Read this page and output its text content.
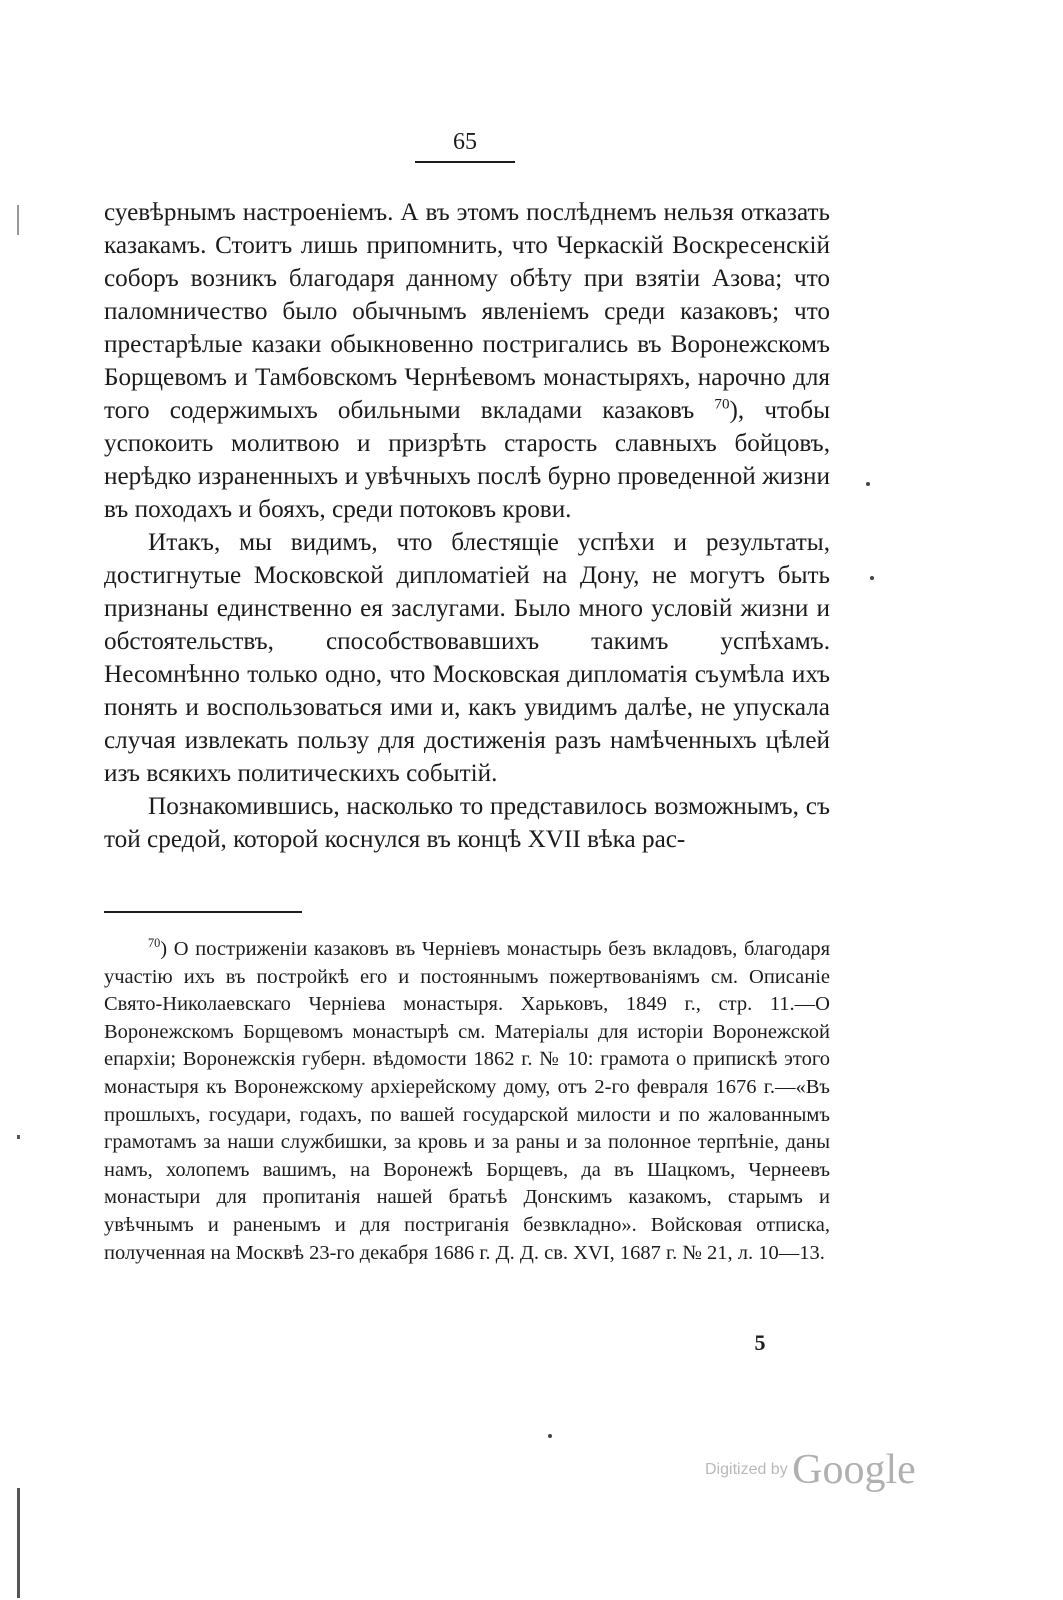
65

суевѣрнымъ настроеніемъ. А въ этомъ послѣднемъ нельзя отказать казакамъ. Стоитъ лишь припомнить, что Черкаскій Воскресенскій соборъ возникъ благодаря данному обѣту при взятіи Азова; что паломничество было обычнымъ явленіемъ среди казаковъ; что престарѣлые казаки обыкновенно постригались въ Воронежскомъ Борщевомъ и Тамбовскомъ Чернѣевомъ монастыряхъ, нарочно для того содержимыхъ обильными вкладами казаковъ $^{70}$), чтобы успокоить молитвою и призрѣть старость славныхъ бойцовъ, нерѣдко израненныхъ и увѣчныхъ послѣ бурно проведенной жизни въ походахъ и бояхъ, среди потоковъ крови.

Итакъ, мы видимъ, что блестящіе успѣхи и результаты, достигнутые Московской дипломатіей на Дону, не могутъ быть признаны единственно ея заслугами. Было много условій жизни и обстоятельствъ, способствовавшихъ такимъ успѣхамъ. Несомнѣнно только одно, что Московская дипломатія съумѣла ихъ понять и воспользоваться ими и, какъ увидимъ далѣе, не упускала случая извлекать пользу для достиженія разъ намѣченныхъ цѣлей изъ всякихъ политическихъ событій.

Познакомившись, насколько то представилось возможнымъ, съ той средой, которой коснулся въ концѣ XVII вѣка рас-

$^{70}$) О постриженіи казаковъ въ Черніевъ монастырь безъ вкладовъ, благодаря участію ихъ въ постройкѣ его и постояннымъ пожертвованіямъ см. Описаніе Свято-Николаевскаго Черніева монастыря. Харьковъ, 1849 г., стр. 11.—О Воронежскомъ Борщевомъ монастырѣ см. Матеріалы для исторіи Воронежской епархіи; Воронежскія губерн. вѣдомости 1862 г. № 10: грамота о припискѣ этого монастыря къ Воронежскому архіерейскому дому, отъ 2-го февраля 1676 г.—«Въ прошлыхъ, государи, годахъ, по вашей государской милости и по жалованнымъ грамотамъ за наши службишки, за кровь и за раны и за полонное терпѣніе, даны намъ, холопемъ вашимъ, на Воронежѣ Борщевъ, да въ Шацкомъ, Чернеевъ монастыри для пропитанія нашей братьѣ Донскимъ казакомъ, старымъ и увѣчнымъ и раненымъ и для постриганія безвкладно». Войсковая отписка, полученная на Москвѣ 23-го декабря 1686 г. Д. Д. св. XVI, 1687 г. № 21, л. 10—13.

5
Digitized by Google
